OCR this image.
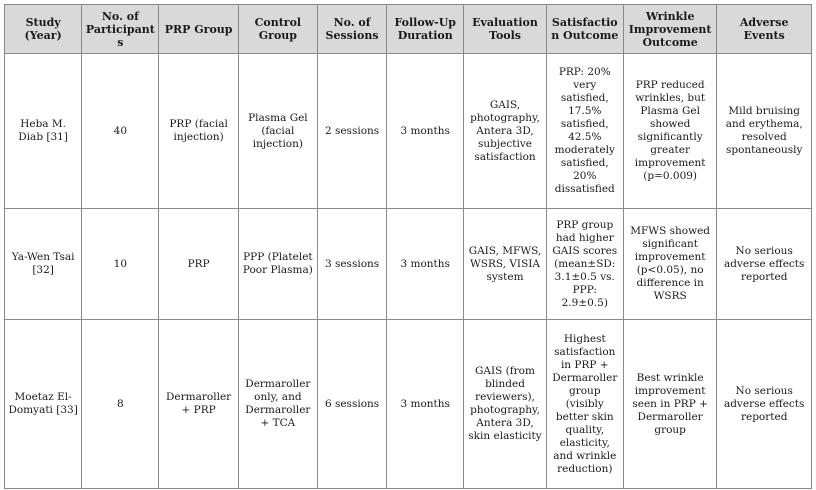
Study (Year)	No. of Participants	PRP Group	Control Group	No. of Sessions	Follow-Up Duration	Evaluation Tools	Satisfaction Outcome	Wrinkle Improvement Outcome	Adverse Events
Heba M. Diab [31]	40	PRP (facial injection)	Plasma Gel (facial injection)	2 sessions	3 months	GAIS, photography, Antera 3D, subjective satisfaction	PRP: 20% very satisfied, 17.5% satisfied, 42.5% moderately satisfied, 20% dissatisfied	PRP reduced wrinkles, but Plasma Gel showed significantly greater improvement (p=0.009)	Mild bruising and erythema, resolved spontaneously
Ya-Wen Tsai [32]	10	PRP	PPP (Platelet Poor Plasma)	3 sessions	3 months	GAIS, MFWS, WSRS, VISIA system	PRP group had higher GAIS scores (mean±SD: 3.1±0.5 vs. PPP: 2.9±0.5)	MFWS showed significant improvement (p<0.05), no difference in WSRS	No serious adverse effects reported
Moetaz El-Domyati [33]	8	Dermaroller + PRP	Dermaroller only, and Dermaroller + TCA	6 sessions	3 months	GAIS (from blinded reviewers), photography, Antera 3D, skin elasticity	Highest satisfaction in PRP + Dermaroller group (visibly better skin quality, elasticity, and wrinkle reduction)	Best wrinkle improvement seen in PRP + Dermaroller group	No serious adverse effects reported
